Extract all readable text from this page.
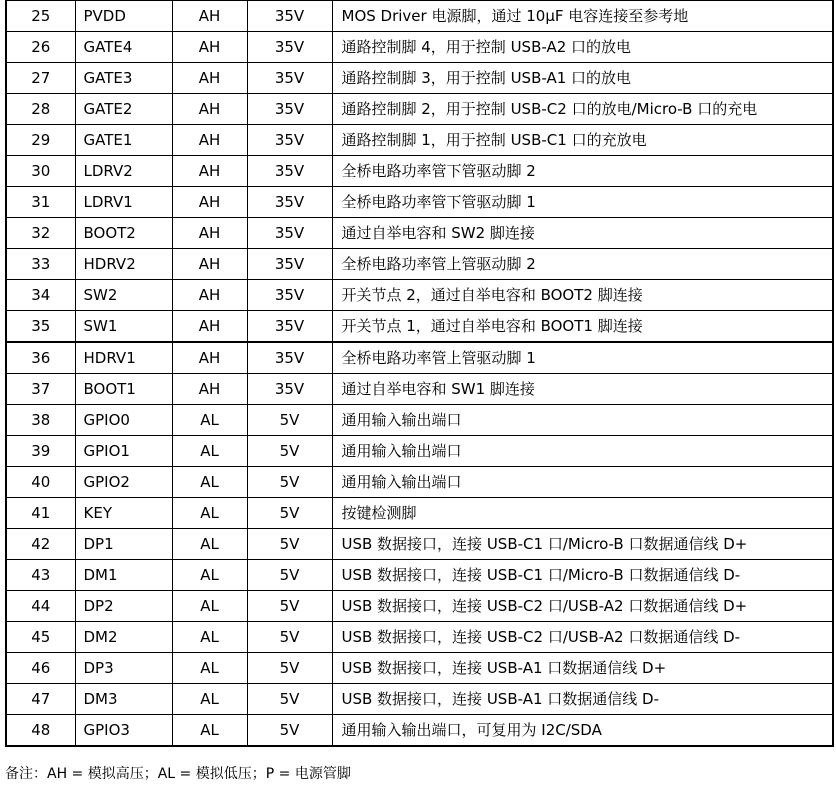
25	PVDD	AH	35V	MOS Driver 电源脚，通过 10μF 电容连接至参考地
26	GATE4	AH	35V	通路控制脚 4，用于控制 USB-A2 口的放电
27	GATE3	AH	35V	通路控制脚 3，用于控制 USB-A1 口的放电
28	GATE2	AH	35V	通路控制脚 2，用于控制 USB-C2 口的放电/Micro-B 口的充电
29	GATE1	AH	35V	通路控制脚 1，用于控制 USB-C1 口的充放电
30	LDRV2	AH	35V	全桥电路功率管下管驱动脚 2
31	LDRV1	AH	35V	全桥电路功率管下管驱动脚 1
32	BOOT2	AH	35V	通过自举电容和 SW2 脚连接
33	HDRV2	AH	35V	全桥电路功率管上管驱动脚 2
34	SW2	AH	35V	开关节点 2，通过自举电容和 BOOT2 脚连接
35	SW1	AH	35V	开关节点 1，通过自举电容和 BOOT1 脚连接
36	HDRV1	AH	35V	全桥电路功率管上管驱动脚 1
37	BOOT1	AH	35V	通过自举电容和 SW1 脚连接
38	GPIO0	AL	5V	通用输入输出端口
39	GPIO1	AL	5V	通用输入输出端口
40	GPIO2	AL	5V	通用输入输出端口
41	KEY	AL	5V	按键检测脚
42	DP1	AL	5V	USB 数据接口，连接 USB-C1 口/Micro-B 口数据通信线 D+
43	DM1	AL	5V	USB 数据接口，连接 USB-C1 口/Micro-B 口数据通信线 D-
44	DP2	AL	5V	USB 数据接口，连接 USB-C2 口/USB-A2 口数据通信线 D+
45	DM2	AL	5V	USB 数据接口，连接 USB-C2 口/USB-A2 口数据通信线 D-
46	DP3	AL	5V	USB 数据接口，连接 USB-A1 口数据通信线 D+
47	DM3	AL	5V	USB 数据接口，连接 USB-A1 口数据通信线 D-
48	GPIO3	AL	5V	通用输入输出端口，可复用为 I2C/SDA
备注：AH = 模拟高压；AL = 模拟低压；P = 电源管脚
